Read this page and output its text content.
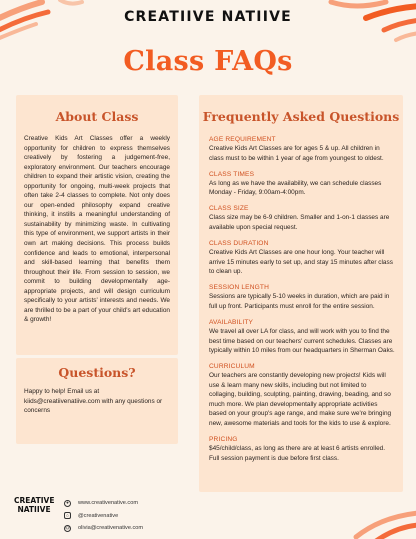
CREATIIVE NATIIVE
Class FAQs
About Class
Creative Kids Art Classes offer a weekly opportunity for children to express themselves creatively by fostering a judgement-free, exploratory environment. Our teachers encourage children to expand their artistic vision, creating the opportunity for ongoing, multi-week projects that often take 2-4 classes to complete. Not only does our open-ended philosophy expand creative thinking, it instills a meaningful understanding of sustainability by minimizing waste. In cultivating this type of environment, we support artists in their own art making decisions. This process builds confidence and leads to emotional, interpersonal and skill-based learning that benefits them throughout their life. From session to session, we commit to building developmentally age-appropriate projects, and will design curriculum specifically to your artists' interests and needs. We are thrilled to be a part of your child's art education & growth!
Questions?
Happy to help! Email us at kiids@creatiivenatiive.com with any questions or concerns
Frequently Asked Questions
AGE REQUIREMENT
Creative Kids Art Classes are for ages 5 & up. All children in class must to be within 1 year of age from youngest to oldest.
CLASS TIMES
As long as we have the availability, we can schedule classes Monday - Friday, 9:00am-4:00pm.
CLASS SIZE
Class size may be 6-9 children. Smaller and 1-on-1 classes are available upon special request.
CLASS DURATION
Creative Kids Art Classes are one hour long. Your teacher will arrive 15 minutes early to set up, and stay 15 minutes after class to clean up.
SESSION LENGTH
Sessions are typically 5-10 weeks in duration, which are paid in full up front. Participants must enroll for the entire session.
AVAILABILITY
We travel all over LA for class, and will work with you to find the best time based on our teachers' current schedules. Classes are typically within 10 miles from our headquarters in Sherman Oaks.
CURRICULUM
Our teachers are constantly developing new projects! Kids will use & learn many new skills, including but not limited to collaging, building, sculpting, painting, drawing, beading, and so much more. We plan developmentally appropriate activities based on your group's age range, and make sure we're bringing new, awesome materials and tools for the kids to use & explore.
PRICING
$45/child/class, as long as there are at least 6 artists enrolled. Full session payment is due before first class.
CREATIVE
NATIIVE
●	www.creativenative.com
○	@creativenative
@ olivia@creativenative.com
